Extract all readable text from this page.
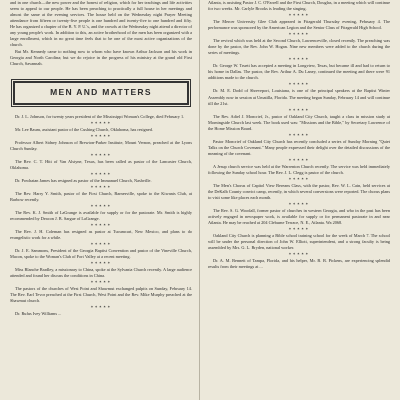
and in one church—the new power and the honest of religion, which for her teachings and life activities seem to appeal to our people. He has been preaching to practically a full house in her meetings and almost the same at the evening services. The house held on the Wednesday night Prayer Meeting attendance from fifteen or twenty-five people is one hundred and twenty-five to one hundred and fifty. He has organized a chapter of the B. Y. P. U.'s, and the crowds at the Wednesday night attend a director of any young people's work. In addition to this, an active brotherhood of the men has been organized with a large enrollment, which in no great time feels that to be one of the most active organizations of the church.

But Mr. Kennedy came to nothing now to whom who have known Arthur Jackson and his work in Georgia and North Carolina; but we do rejoice in the progress of his ministry at the grand old First Church, Savannah.

MEN AND MATTERS

Dr. J. L. Johnson, for twenty years president of the Mississippi Woman's College, died February 1.

✶✶✶✶✶

Mr. Lee Baum, assistant pastor of the Cushing Church, Oklahoma, has resigned.

✶✶✶✶✶

Professor Albert Sidney Johnson of Brewton-Parker Institute, Mount Vernon, preached at the Lyons Church Sunday.

✶✶✶✶✶

The Rev. C. T. Hitt of Van Alstyne, Texas, has been called as pastor of the Lancaster Church, Oklahoma.

✶✶✶✶✶

Dr. Powhatan James has resigned as pastor of the Immanuel Church, Nashville.

✶✶✶✶✶

The Rev. Harry Y. Smith, pastor of the First Church, Barnesville, spoke to the Kiwanis Club, at Barbow recently.

✶✶✶✶✶

The Rev. K. J. Smith of LaGrange is available for supply or for the pastorate. Mr. Smith is highly recommended by Deacon J. B. Sargue of LaGrange.

✶✶✶✶✶

The Rev. J. H. Coleman has resigned as pastor at Tucumcari, New Mexico, and plans to do evangelistic work for a while.

✶✶✶✶✶

Dr. J. E. Sammons, President of the Georgia Baptist Convention and pastor of the Vineville Church, Macon, spoke to the Woman's Club of Fort Valley at a recent meeting.

✶✶✶✶✶

Miss Blanche Bradley, a missionary to China, spoke at the Sylvania Church recently. A large audience attended and found her discuss the conditions in China.

✶✶✶✶✶

The pastors of the churches of West Point and Shawmut exchanged pulpits on Sunday, February 14. The Rev. Earl Tevor preached at the First Church, West Point and the Rev. Mike Murphy preached at the Shawmut church.

✶✶✶✶✶

Dr. Rufus Ivey Williams ...

Atlanta, is assisting Pastor J. C. O'Farrell and the First Church, Douglas, in a meeting which will continue for two weeks. Mr. Carlyle Brooks is leading the singing.

✶✶✶✶✶

The Mercer University Glee Club appeared in Fitzgerald Thursday evening, February 4. The performance was sponsored by the American Legion and the Senior Class of Fitzgerald High School.

✶✶✶✶✶

The revival which was held at the Second Church, Lawrenceville, closed recently. The preaching was done by the pastor, the Rev. John W. Hogan. Nine new members were added to the church during the series of meetings.

✶✶✶✶✶

Dr. George W. Truett has accepted a meeting in Longview, Texas, but became ill and had to return to his home in Dallas. The pastor, the Rev. Arthur A. Du Laney, continued the meeting and there were 91 additions made to the church.

✶✶✶✶✶

Dr. M. E. Dodd of Shreveport, Louisiana, is one of the principal speakers at the Baptist Winter Assembly now in session at Umatilla, Florida. The meeting began Sunday, February 14 and will continue till the 21st.

✶✶✶✶✶

The Rev. Adiel J. Moncrief, Jr., pastor of Oakland City Church, taught a class in mission study at Morningside Church last week. The book used was: "Missions and the Bible," by Secretary Lawrence of the Home Mission Board.

✶✶✶✶✶

Pastor Moncrief of Oakland City Church has recently concluded a series of Sunday Morning "Quiet Talks on the Church Covenant." Many people expressed their delight over the detailed discussions of the meaning of the covenant.

✶✶✶✶✶

A Jesup church service was held at the Warrenton Church recently. The service was held immediately following the Sunday school hour. The Rev. J. L. Clegg is pastor of the church.

✶✶✶✶✶

The Men's Chorus of Capitol View Bereans Class, with the pastor, Rev. W. L. Cain, held services at the DeKalb County convict camp, recently, in which several conversions were reported. The chorus plans to visit some like places each month.

✶✶✶✶✶

The Rev. S. G. Woodall, former pastor of churches in western Georgia, and who in the past has been actively engaged in newspaper work, is available for supply or for permanent pastorate in and near Atlanta. He may be reached at 204 Cleburne Terrace, N. E., Atlanta. Wa 2068.

✶✶✶✶✶

Oakland City Church is planning a Bible school training school for the week of March 7. The school will be under the personal direction of John W. Elliott, superintendent, and a strong faculty is being assembled by Mrs. G. L. Bryden, national worker.

✶✶✶✶✶

Dr. A. M. Bennett of Tampa, Florida, and his helper, Mr. B. B. Pickens, are experiencing splendid results from their meetings at ...
